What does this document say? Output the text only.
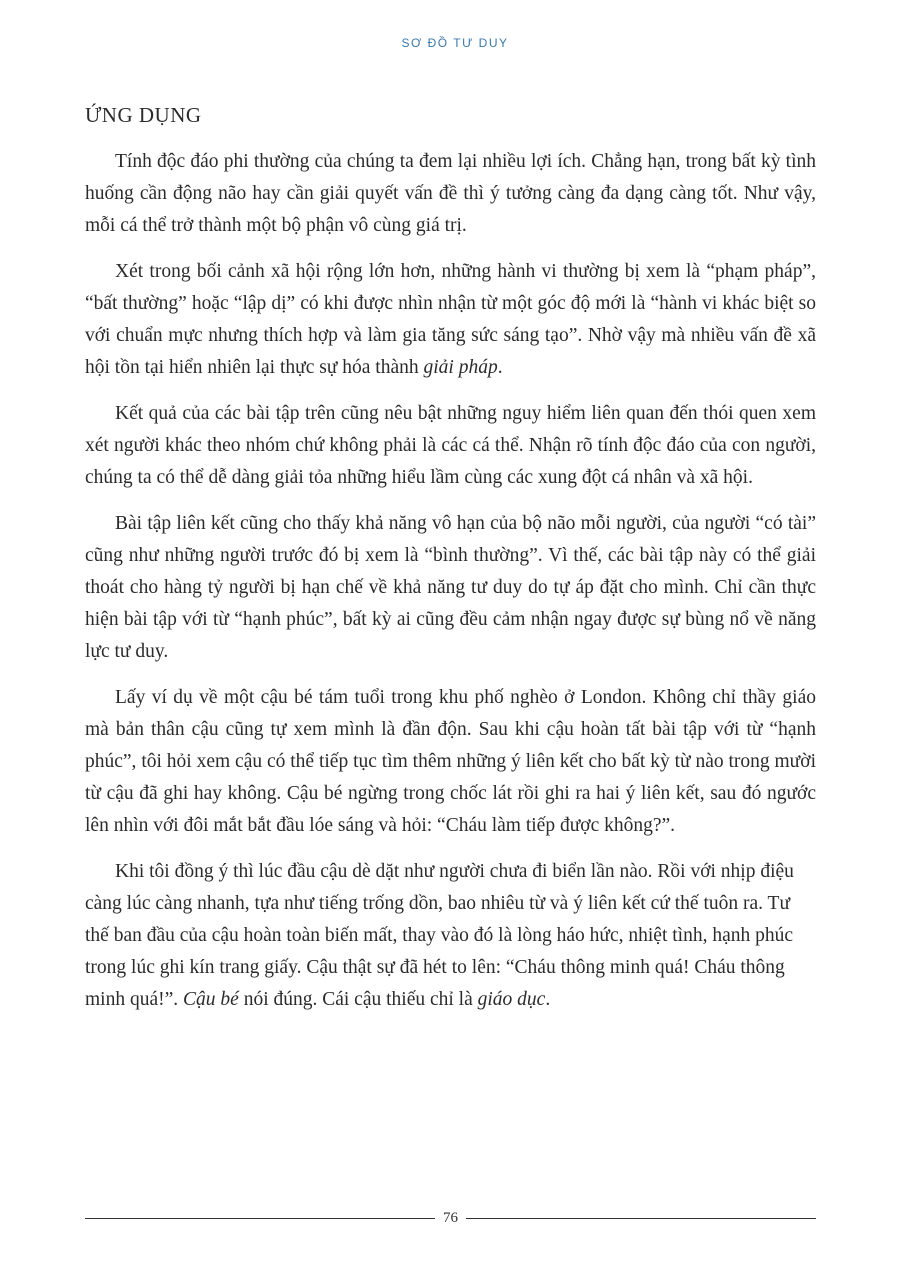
SƠ ĐỒ TƯ DUY
ỨNG DỤNG

Tính độc đáo phi thường của chúng ta đem lại nhiều lợi ích. Chẳng hạn, trong bất kỳ tình huống cần động não hay cần giải quyết vấn đề thì ý tưởng càng đa dạng càng tốt. Như vậy, mỗi cá thể trở thành một bộ phận vô cùng giá trị.

Xét trong bối cảnh xã hội rộng lớn hơn, những hành vi thường bị xem là “phạm pháp”, “bất thường” hoặc “lập dị” có khi được nhìn nhận từ một góc độ mới là “hành vi khác biệt so với chuẩn mực nhưng thích hợp và làm gia tăng sức sáng tạo”. Nhờ vậy mà nhiều vấn đề xã hội tồn tại hiển nhiên lại thực sự hóa thành giải pháp.

Kết quả của các bài tập trên cũng nêu bật những nguy hiểm liên quan đến thói quen xem xét người khác theo nhóm chứ không phải là các cá thể. Nhận rõ tính độc đáo của con người, chúng ta có thể dễ dàng giải tỏa những hiểu lầm cùng các xung đột cá nhân và xã hội.

Bài tập liên kết cũng cho thấy khả năng vô hạn của bộ não mỗi người, của người “có tài” cũng như những người trước đó bị xem là “bình thường”. Vì thế, các bài tập này có thể giải thoát cho hàng tỷ người bị hạn chế về khả năng tư duy do tự áp đặt cho mình. Chỉ cần thực hiện bài tập với từ “hạnh phúc”, bất kỳ ai cũng đều cảm nhận ngay được sự bùng nổ về năng lực tư duy.

Lấy ví dụ về một cậu bé tám tuổi trong khu phố nghèo ở London. Không chỉ thầy giáo mà bản thân cậu cũng tự xem mình là đần độn. Sau khi cậu hoàn tất bài tập với từ “hạnh phúc”, tôi hỏi xem cậu có thể tiếp tục tìm thêm những ý liên kết cho bất kỳ từ nào trong mười từ cậu đã ghi hay không. Cậu bé ngừng trong chốc lát rồi ghi ra hai ý liên kết, sau đó ngước lên nhìn với đôi mắt bắt đầu lóe sáng và hỏi: “Cháu làm tiếp được không?”.

Khi tôi đồng ý thì lúc đầu cậu dè dặt như người chưa đi biển lần nào. Rồi với nhịp điệu càng lúc càng nhanh, tựa như tiếng trống dồn, bao nhiêu từ và ý liên kết cứ thế tuôn ra. Tư thế ban đầu của cậu hoàn toàn biến mất, thay vào đó là lòng háo hức, nhiệt tình, hạnh phúc trong lúc ghi kín trang giấy. Cậu thật sự đã hét to lên: “Cháu thông minh quá! Cháu thông minh quá!”. Cậu bé nói đúng. Cái cậu thiếu chỉ là giáo dục.

76
